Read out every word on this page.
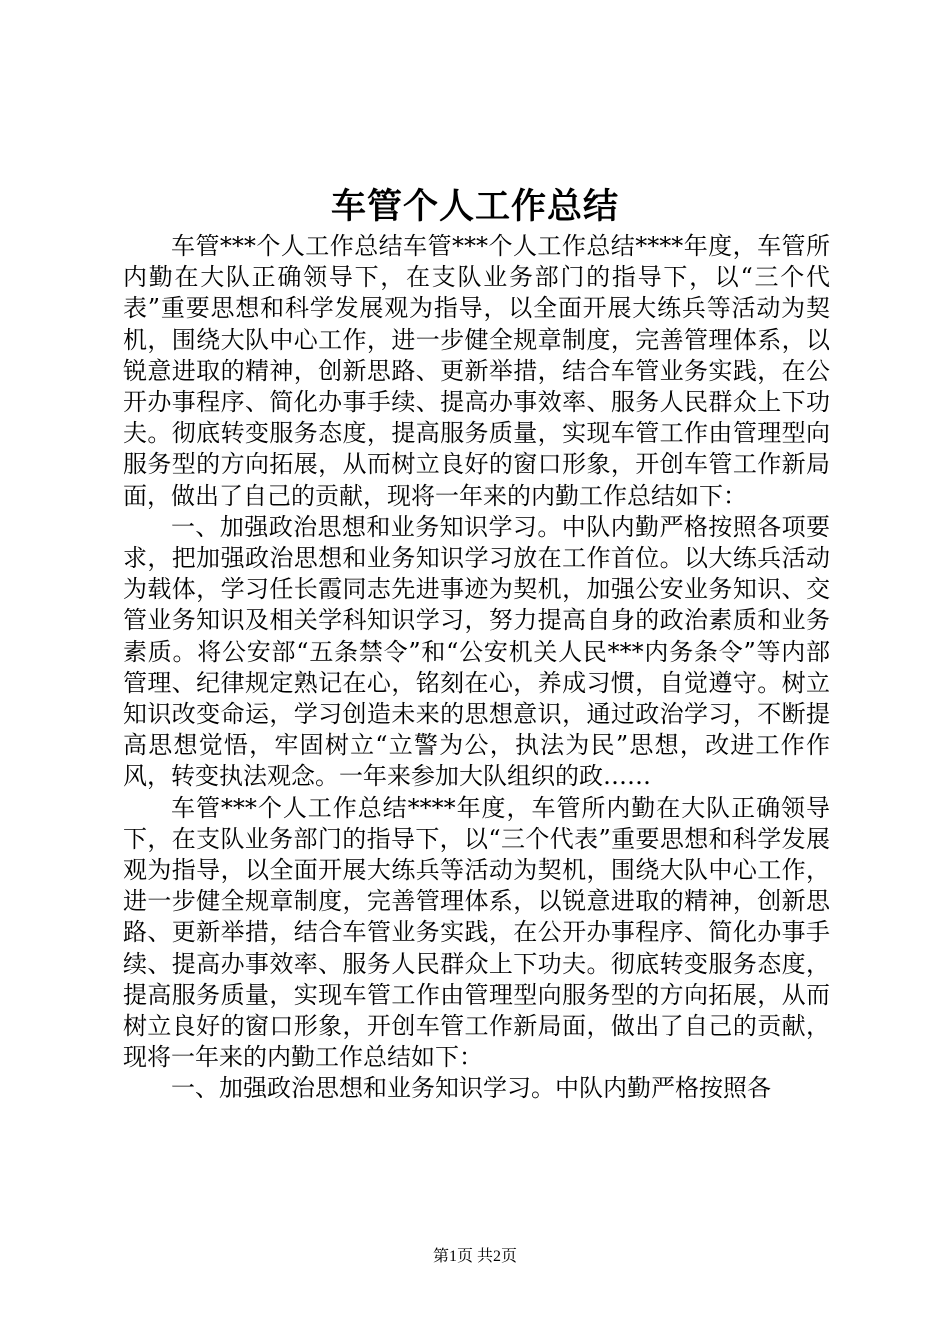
车管个人工作总结

车管***个人工作总结车管***个人工作总结****年度，车管所内勤在大队正确领导下，在支队业务部门的指导下，以“三个代表”重要思想和科学发展观为指导，以全面开展大练兵等活动为契机，围绕大队中心工作，进一步健全规章制度，完善管理体系，以锐意进取的精神，创新思路、更新举措，结合车管业务实践，在公开办事程序、简化办事手续、提高办事效率、服务人民群众上下功夫。彻底转变服务态度，提高服务质量，实现车管工作由管理型向服务型的方向拓展，从而树立良好的窗口形象，开创车管工作新局面，做出了自己的贡献，现将一年来的内勤工作总结如下：

一、加强政治思想和业务知识学习。中队内勤严格按照各项要求，把加强政治思想和业务知识学习放在工作首位。以大练兵活动为载体，学习任长霞同志先进事迹为契机，加强公安业务知识、交管业务知识及相关学科知识学习，努力提高自身的政治素质和业务素质。将公安部“五条禁令”和“公安机关人民***内务条令”等内部管理、纪律规定熟记在心，铭刻在心，养成习惯，自觉遵守。树立知识改变命运，学习创造未来的思想意识，通过政治学习，不断提高思想觉悟，牢固树立“立警为公，执法为民”思想，改进工作作风，转变执法观念。一年来参加大队组织的政……

车管***个人工作总结****年度，车管所内勤在大队正确领导下，在支队业务部门的指导下，以“三个代表”重要思想和科学发展观为指导，以全面开展大练兵等活动为契机，围绕大队中心工作，进一步健全规章制度，完善管理体系，以锐意进取的精神，创新思路、更新举措，结合车管业务实践，在公开办事程序、简化办事手续、提高办事效率、服务人民群众上下功夫。彻底转变服务态度，提高服务质量，实现车管工作由管理型向服务型的方向拓展，从而树立良好的窗口形象，开创车管工作新局面，做出了自己的贡献，现将一年来的内勤工作总结如下：

一、加强政治思想和业务知识学习。中队内勤严格按照各

第1页 共2页
